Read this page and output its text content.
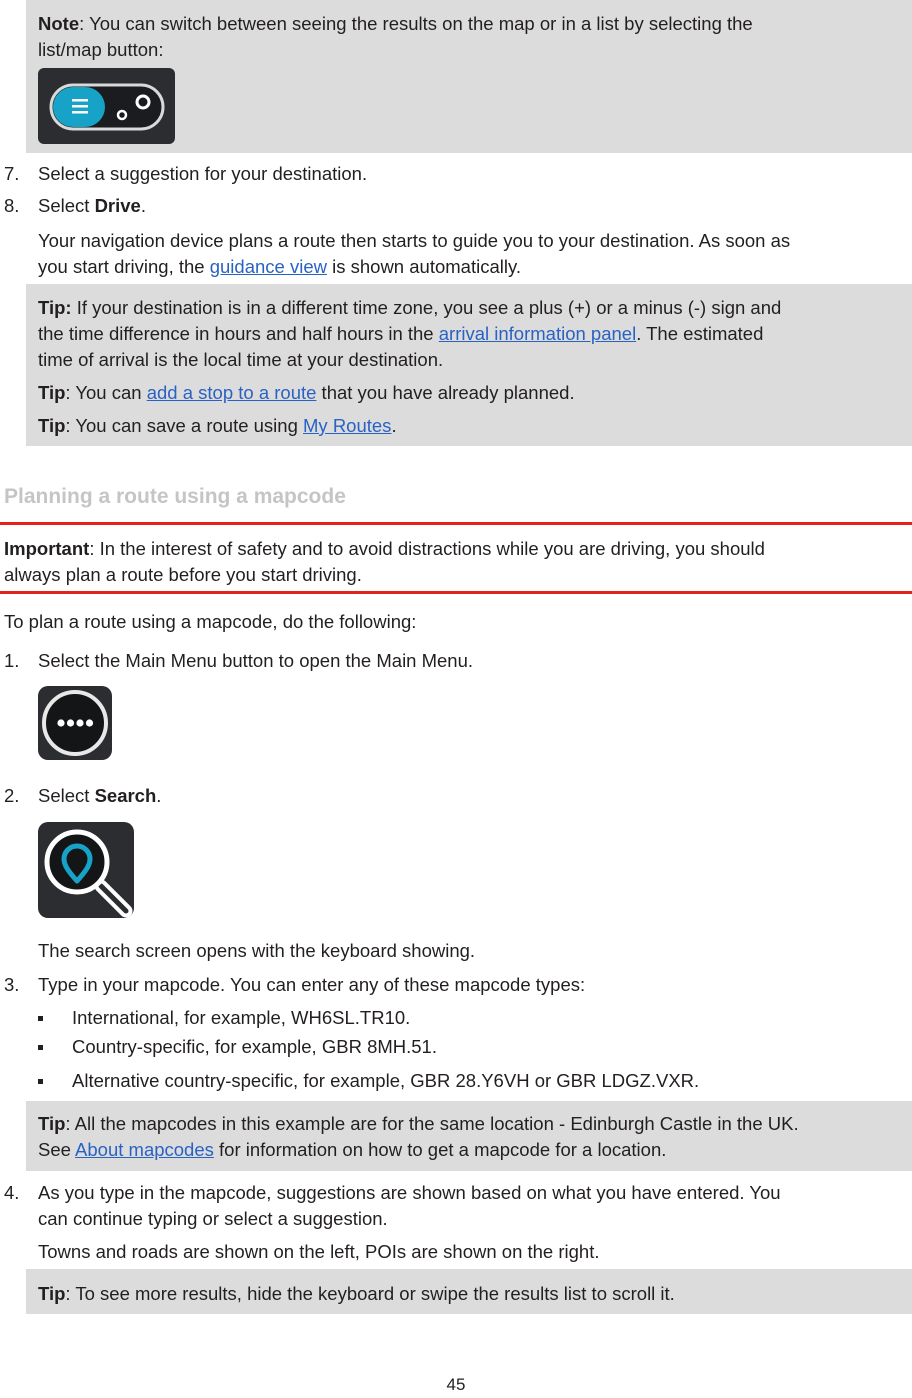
Note: You can switch between seeing the results on the map or in a list by selecting the
list/map button:
7. Select a suggestion for your destination.
8. Select Drive.
Your navigation device plans a route then starts to guide you to your destination. As soon as
you start driving, the guidance view is shown automatically.
Tip: If your destination is in a different time zone, you see a plus (+) or a minus (-) sign and
the time difference in hours and half hours in the arrival information panel. The estimated
time of arrival is the local time at your destination.
Tip: You can add a stop to a route that you have already planned.
Tip: You can save a route using My Routes.
Planning a route using a mapcode
Important: In the interest of safety and to avoid distractions while you are driving, you should
always plan a route before you start driving.
To plan a route using a mapcode, do the following:
1. Select the Main Menu button to open the Main Menu.
2. Select Search.
The search screen opens with the keyboard showing.
3. Type in your mapcode. You can enter any of these mapcode types:
International, for example, WH6SL.TR10.
Country-specific, for example, GBR 8MH.51.
Alternative country-specific, for example, GBR 28.Y6VH or GBR LDGZ.VXR.
Tip: All the mapcodes in this example are for the same location - Edinburgh Castle in the UK.
See About mapcodes for information on how to get a mapcode for a location.
4. As you type in the mapcode, suggestions are shown based on what you have entered. You
can continue typing or select a suggestion.
Towns and roads are shown on the left, POIs are shown on the right.
Tip: To see more results, hide the keyboard or swipe the results list to scroll it.
45
